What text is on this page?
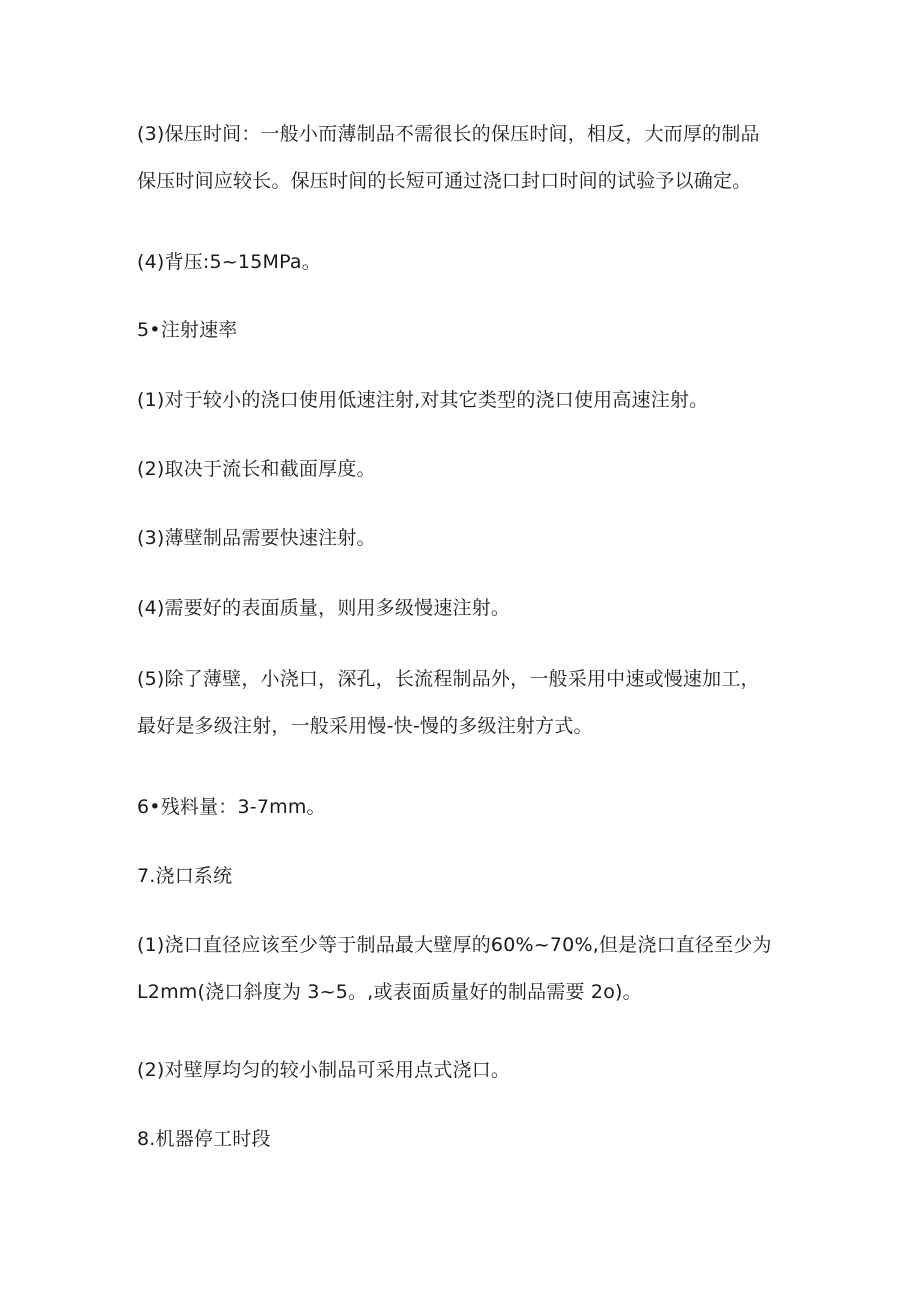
(3)保压时间：一般小而薄制品不需很长的保压时间，相反，大而厚的制品
保压时间应较长。保压时间的长短可通过浇口封口时间的试验予以确定。
(4)背压:5~15MPa。
5•注射速率
(1)对于较小的浇口使用低速注射,对其它类型的浇口使用高速注射。
(2)取决于流长和截面厚度。
(3)薄壁制品需要快速注射。
(4)需要好的表面质量，则用多级慢速注射。
(5)除了薄壁，小浇口，深孔，长流程制品外，一般采用中速或慢速加工，
最好是多级注射，一般采用慢-快-慢的多级注射方式。
6•残料量：3-7mm。
7.浇口系统
(1)浇口直径应该至少等于制品最大壁厚的60%~70%,但是浇口直径至少为
L2mm(浇口斜度为 3~5。,或表面质量好的制品需要 2o)。
(2)对壁厚均匀的较小制品可采用点式浇口。
8.机器停工时段
